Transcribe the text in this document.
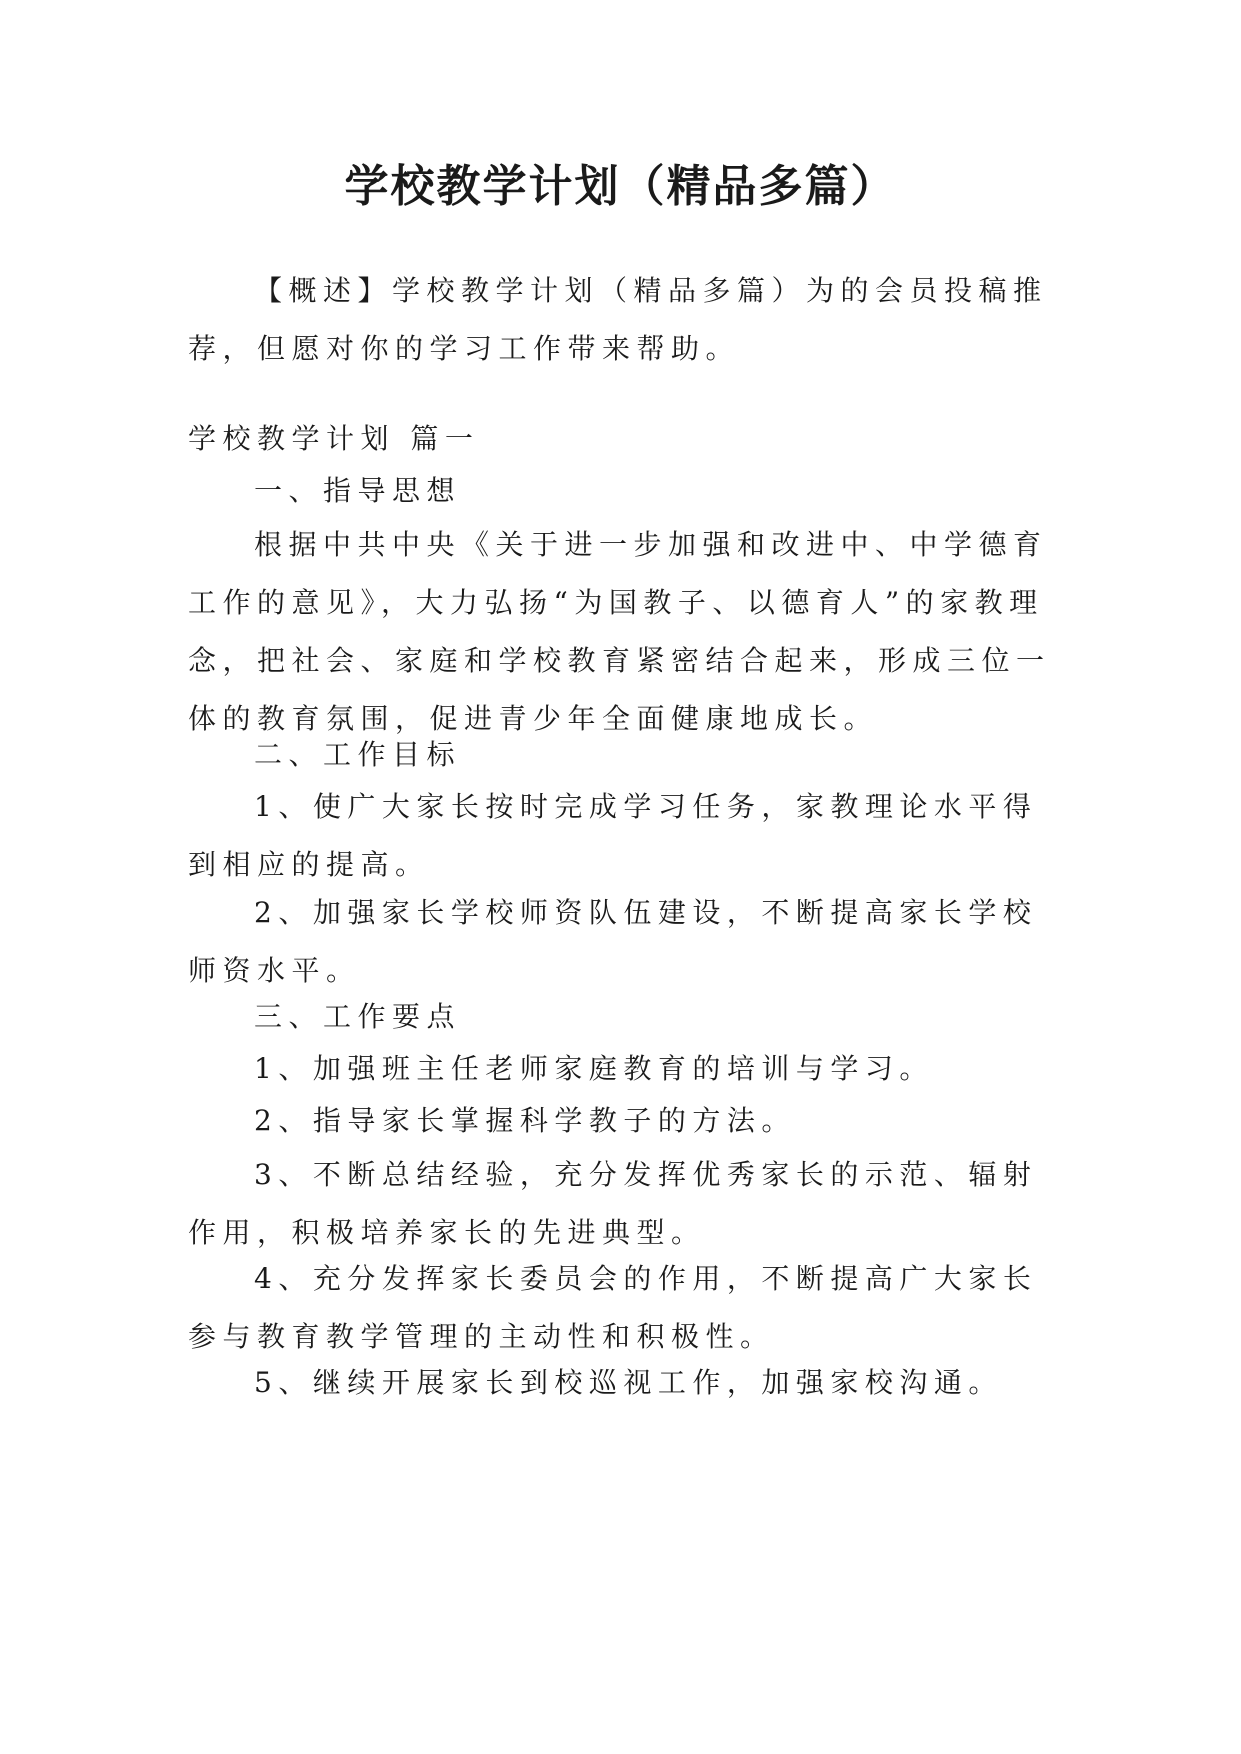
学校教学计划（精品多篇）

【概述】学校教学计划（精品多篇）为的会员投稿推荐，但愿对你的学习工作带来帮助。

学校教学计划 篇一

一、指导思想

根据中共中央《关于进一步加强和改进中、中学德育工作的意见》，大力弘扬“为国教子、以德育人”的家教理念，把社会、家庭和学校教育紧密结合起来，形成三位一体的教育氛围，促进青少年全面健康地成长。

二、工作目标

1、使广大家长按时完成学习任务，家教理论水平得到相应的提高。

2、加强家长学校师资队伍建设，不断提高家长学校师资水平。

三、工作要点

1、加强班主任老师家庭教育的培训与学习。

2、指导家长掌握科学教子的方法。

3、不断总结经验，充分发挥优秀家长的示范、辐射作用，积极培养家长的先进典型。

4、充分发挥家长委员会的作用，不断提高广大家长参与教育教学管理的主动性和积极性。

5、继续开展家长到校巡视工作，加强家校沟通。
